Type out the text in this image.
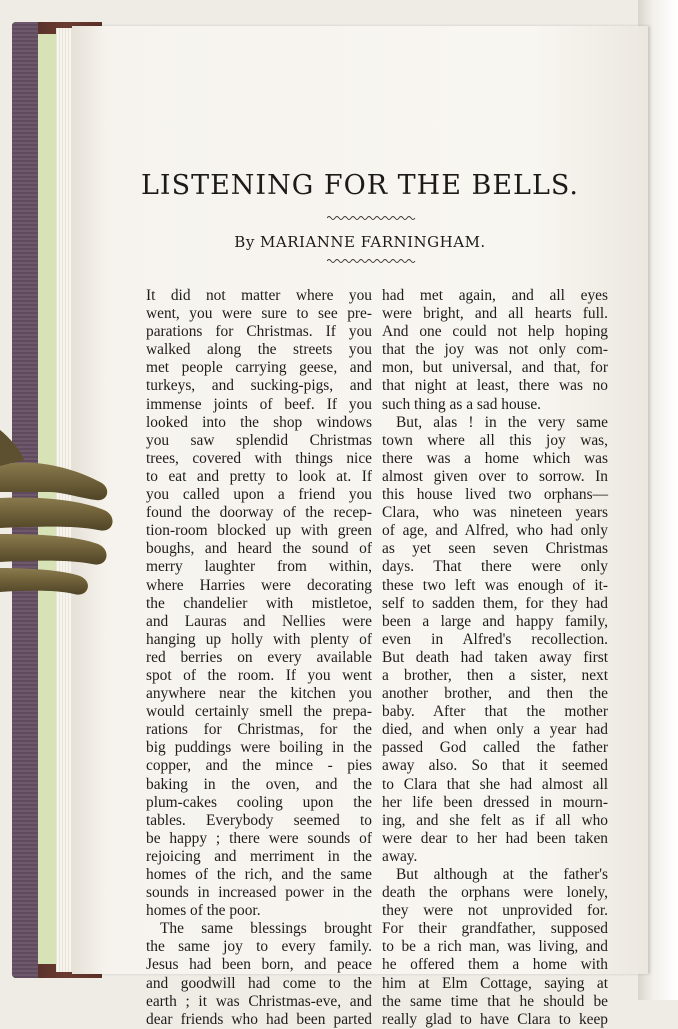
LISTENING FOR THE BELLS.
By MARIANNE FARNINGHAM.
It did not matter where you
went, you were sure to see pre-
parations for Christmas. If you
walked along the streets you
met people carrying geese, and
turkeys, and sucking-pigs, and
immense joints of beef. If you
looked into the shop windows
you saw splendid Christmas
trees, covered with things nice
to eat and pretty to look at. If
you called upon a friend you
found the doorway of the recep-
tion-room blocked up with green
boughs, and heard the sound of
merry laughter from within,
where Harries were decorating
the chandelier with mistletoe,
and Lauras and Nellies were
hanging up holly with plenty of
red berries on every available
spot of the room. If you went
anywhere near the kitchen you
would certainly smell the prepa-
rations for Christmas, for the
big puddings were boiling in the
copper, and the mince - pies
baking in the oven, and the
plum-cakes cooling upon the
tables. Everybody seemed to
be happy ; there were sounds of
rejoicing and merriment in the
homes of the rich, and the same
sounds in increased power in the
homes of the poor.
The same blessings brought
the same joy to every family.
Jesus had been born, and peace
and goodwill had come to the
earth ; it was Christmas-eve, and
dear friends who had been parted
had met again, and all eyes
were bright, and all hearts full.
And one could not help hoping
that the joy was not only com-
mon, but universal, and that, for
that night at least, there was no
such thing as a sad house.
But, alas ! in the very same
town where all this joy was,
there was a home which was
almost given over to sorrow. In
this house lived two orphans—
Clara, who was nineteen years
of age, and Alfred, who had only
as yet seen seven Christmas
days. That there were only
these two left was enough of it-
self to sadden them, for they had
been a large and happy family,
even in Alfred's recollection.
But death had taken away first
a brother, then a sister, next
another brother, and then the
baby. After that the mother
died, and when only a year had
passed God called the father
away also. So that it seemed
to Clara that she had almost all
her life been dressed in mourn-
ing, and she felt as if all who
were dear to her had been taken
away.
But although at the father's
death the orphans were lonely,
they were not unprovided for.
For their grandfather, supposed
to be a rich man, was living, and
he offered them a home with
him at Elm Cottage, saying at
the same time that he should be
really glad to have Clara to keep
